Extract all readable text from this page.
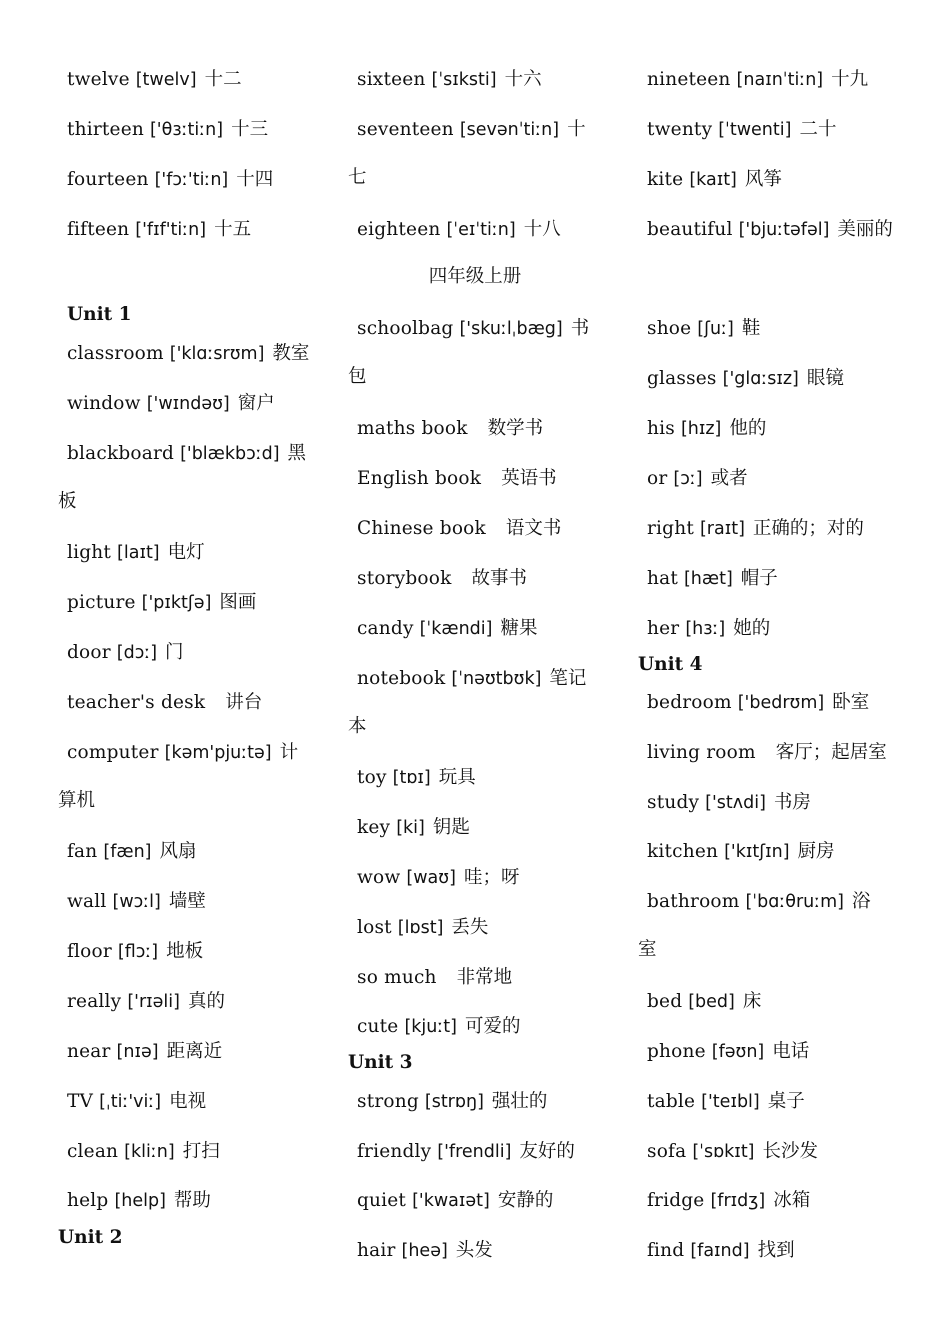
四年级上册
twelve [twelv] 十二
thirteen ['θɜːtiːn] 十三
fourteen ['fɔː'tiːn] 十四
fifteen ['fɪf'tiːn] 十五
Unit 1
classroom ['klɑːsrʊm] 教室
window ['wɪndəʊ] 窗户
blackboard ['blækbɔːd] 黑
板
light [laɪt] 电灯
picture ['pɪktʃə] 图画
door [dɔː] 门
teacher's desk 讲台
computer [kəm'pjuːtə] 计
算机
fan [fæn] 风扇
wall [wɔːl] 墙壁
floor [flɔː] 地板
really ['rɪəli] 真的
near [nɪə] 距离近
TV [ˌtiː'viː] 电视
clean [kliːn] 打扫
help [help] 帮助
Unit 2
sixteen [ˈsɪksti] 十六
seventeen [sevənˈtiːn] 十
七
eighteen [ˈeɪˈtiːn] 十八
schoolbag ['skuːlˌbæg] 书
包
maths book 数学书
English book 英语书
Chinese book 语文书
storybook 故事书
candy [ˈkændi] 糖果
notebook [ˈnəʊtbʊk] 笔记
本
toy [tɒɪ] 玩具
key [ki] 钥匙
wow [waʊ] 哇；呀
lost [lɒst] 丢失
so much 非常地
cute [kjuːt] 可爱的
Unit 3
strong [strɒŋ] 强壮的
friendly ['frendli] 友好的
quiet ['kwaɪət] 安静的
hair [heə] 头发
nineteen [naɪnˈtiːn] 十九
twenty [ˈtwenti] 二十
kite [kaɪt] 风筝
beautiful ['bjuːtəfəl] 美丽的
shoe [ʃuː] 鞋
glasses ['glɑːsɪz] 眼镜
his [hɪz] 他的
or [ɔː] 或者
right [raɪt] 正确的；对的
hat [hæt] 帽子
her [hɜː] 她的
Unit 4
bedroom ['bedrʊm] 卧室
living room 客厅；起居室
study ['stʌdi] 书房
kitchen ['kɪtʃɪn] 厨房
bathroom [ˈbɑːθruːm] 浴
室
bed [bed] 床
phone [fəʊn] 电话
table ['teɪbl] 桌子
sofa [ˈsɒkɪt] 长沙发
fridge [frɪdʒ] 冰箱
find [faɪnd] 找到
